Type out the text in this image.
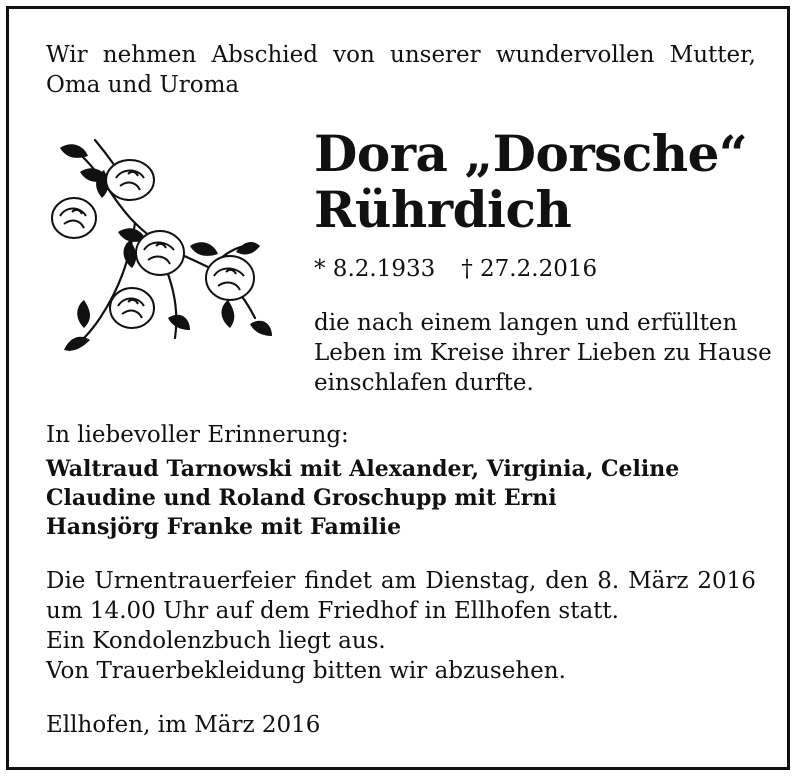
Wir nehmen Abschied von unserer wundervollen Mutter,
Oma und Uroma
Dora „Dorsche“
Rührdich
* 8.2.1933 † 27.2.2016
die nach einem langen und erfüllten
Leben im Kreise ihrer Lieben zu Hause
einschlafen durfte.
In liebevoller Erinnerung:
Waltraud Tarnowski mit Alexander, Virginia, Celine
Claudine und Roland Groschupp mit Erni
Hansjörg Franke mit Familie
Die Urnentrauerfeier findet am Dienstag, den 8. März 2016
um 14.00 Uhr auf dem Friedhof in Ellhofen statt.
Ein Kondolenzbuch liegt aus.
Von Trauerbekleidung bitten wir abzusehen.
Ellhofen, im März 2016
